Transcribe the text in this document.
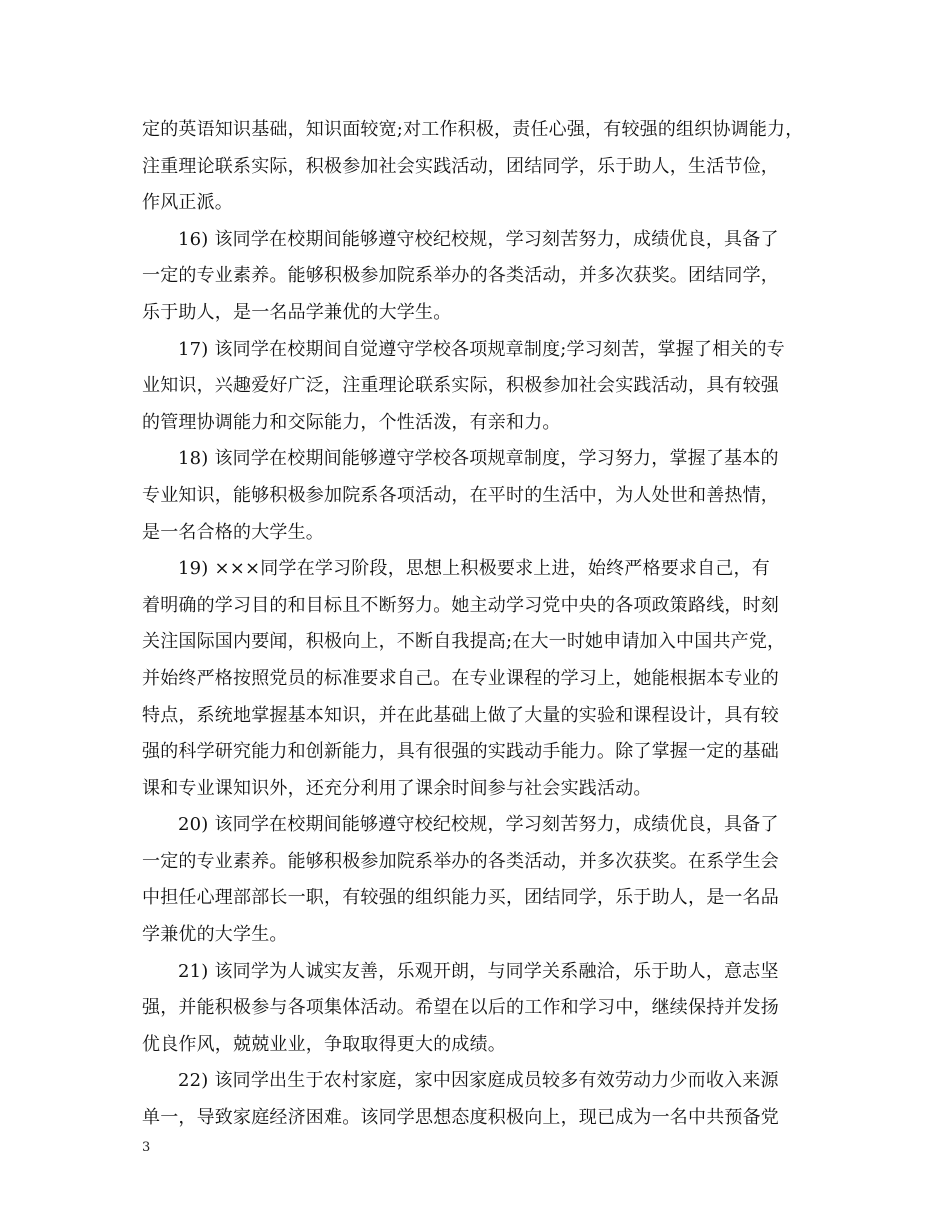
定的英语知识基础，知识面较宽;对工作积极，责任心强，有较强的组织协调能力，
注重理论联系实际，积极参加社会实践活动，团结同学，乐于助人，生活节俭，
作风正派。

16) 该同学在校期间能够遵守校纪校规，学习刻苦努力，成绩优良，具备了
一定的专业素养。能够积极参加院系举办的各类活动，并多次获奖。团结同学，
乐于助人，是一名品学兼优的大学生。

17) 该同学在校期间自觉遵守学校各项规章制度;学习刻苦，掌握了相关的专
业知识，兴趣爱好广泛，注重理论联系实际，积极参加社会实践活动，具有较强
的管理协调能力和交际能力，个性活泼，有亲和力。

18) 该同学在校期间能够遵守学校各项规章制度，学习努力，掌握了基本的
专业知识，能够积极参加院系各项活动，在平时的生活中，为人处世和善热情，
是一名合格的大学生。

19) ×××同学在学习阶段，思想上积极要求上进，始终严格要求自己，有
着明确的学习目的和目标且不断努力。她主动学习党中央的各项政策路线，时刻
关注国际国内要闻，积极向上，不断自我提高;在大一时她申请加入中国共产党，
并始终严格按照党员的标准要求自己。在专业课程的学习上，她能根据本专业的
特点，系统地掌握基本知识，并在此基础上做了大量的实验和课程设计，具有较
强的科学研究能力和创新能力，具有很强的实践动手能力。除了掌握一定的基础
课和专业课知识外，还充分利用了课余时间参与社会实践活动。

20) 该同学在校期间能够遵守校纪校规，学习刻苦努力，成绩优良，具备了
一定的专业素养。能够积极参加院系举办的各类活动，并多次获奖。在系学生会
中担任心理部部长一职，有较强的组织能力买，团结同学，乐于助人，是一名品
学兼优的大学生。

21) 该同学为人诚实友善，乐观开朗，与同学关系融洽，乐于助人，意志坚
强，并能积极参与各项集体活动。希望在以后的工作和学习中，继续保持并发扬
优良作风，兢兢业业，争取取得更大的成绩。

22) 该同学出生于农村家庭，家中因家庭成员较多有效劳动力少而收入来源
单一，导致家庭经济困难。该同学思想态度积极向上，现已成为一名中共预备党

3
